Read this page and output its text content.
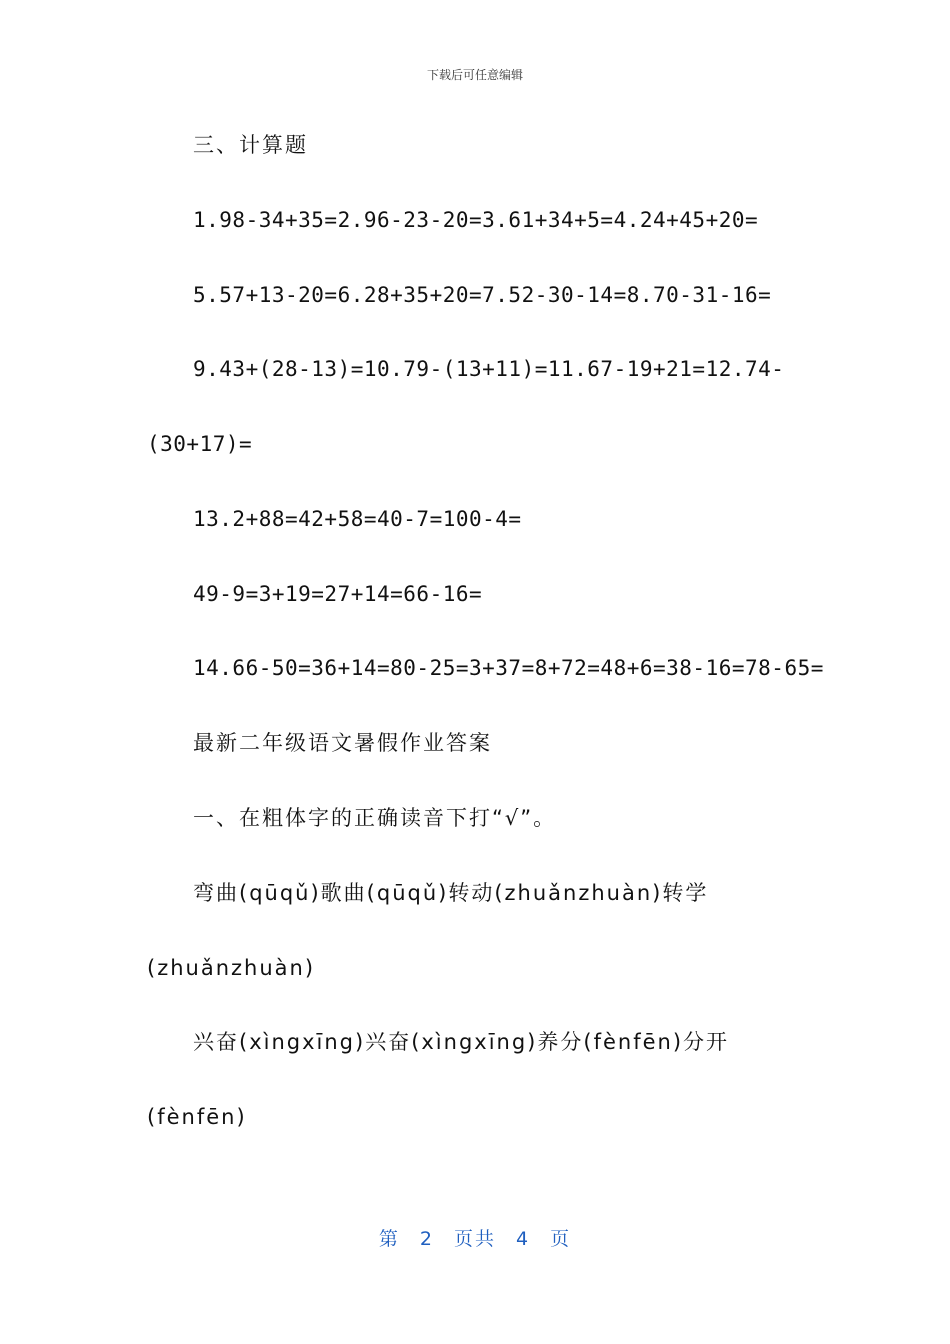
下载后可任意编辑
三、计算题
1.98-34+35=2.96-23-20=3.61+34+5=4.24+45+20=
5.57+13-20=6.28+35+20=7.52-30-14=8.70-31-16=
9.43+(28-13)=10.79-(13+11)=11.67-19+21=12.74-
(30+17)=
13.2+88=42+58=40-7=100-4=
49-9=3+19=27+14=66-16=
14.66-50=36+14=80-25=3+37=8+72=48+6=38-16=78-65=
最新二年级语文暑假作业答案
一、在粗体字的正确读音下打“√”。
弯曲(qūqǔ)歌曲(qūqǔ)转动(zhuǎnzhuàn)转学
(zhuǎnzhuàn)
兴奋(xìngxīng)兴奋(xìngxīng)养分(fènfēn)分开
(fènfēn)
第 2 页共 4 页
